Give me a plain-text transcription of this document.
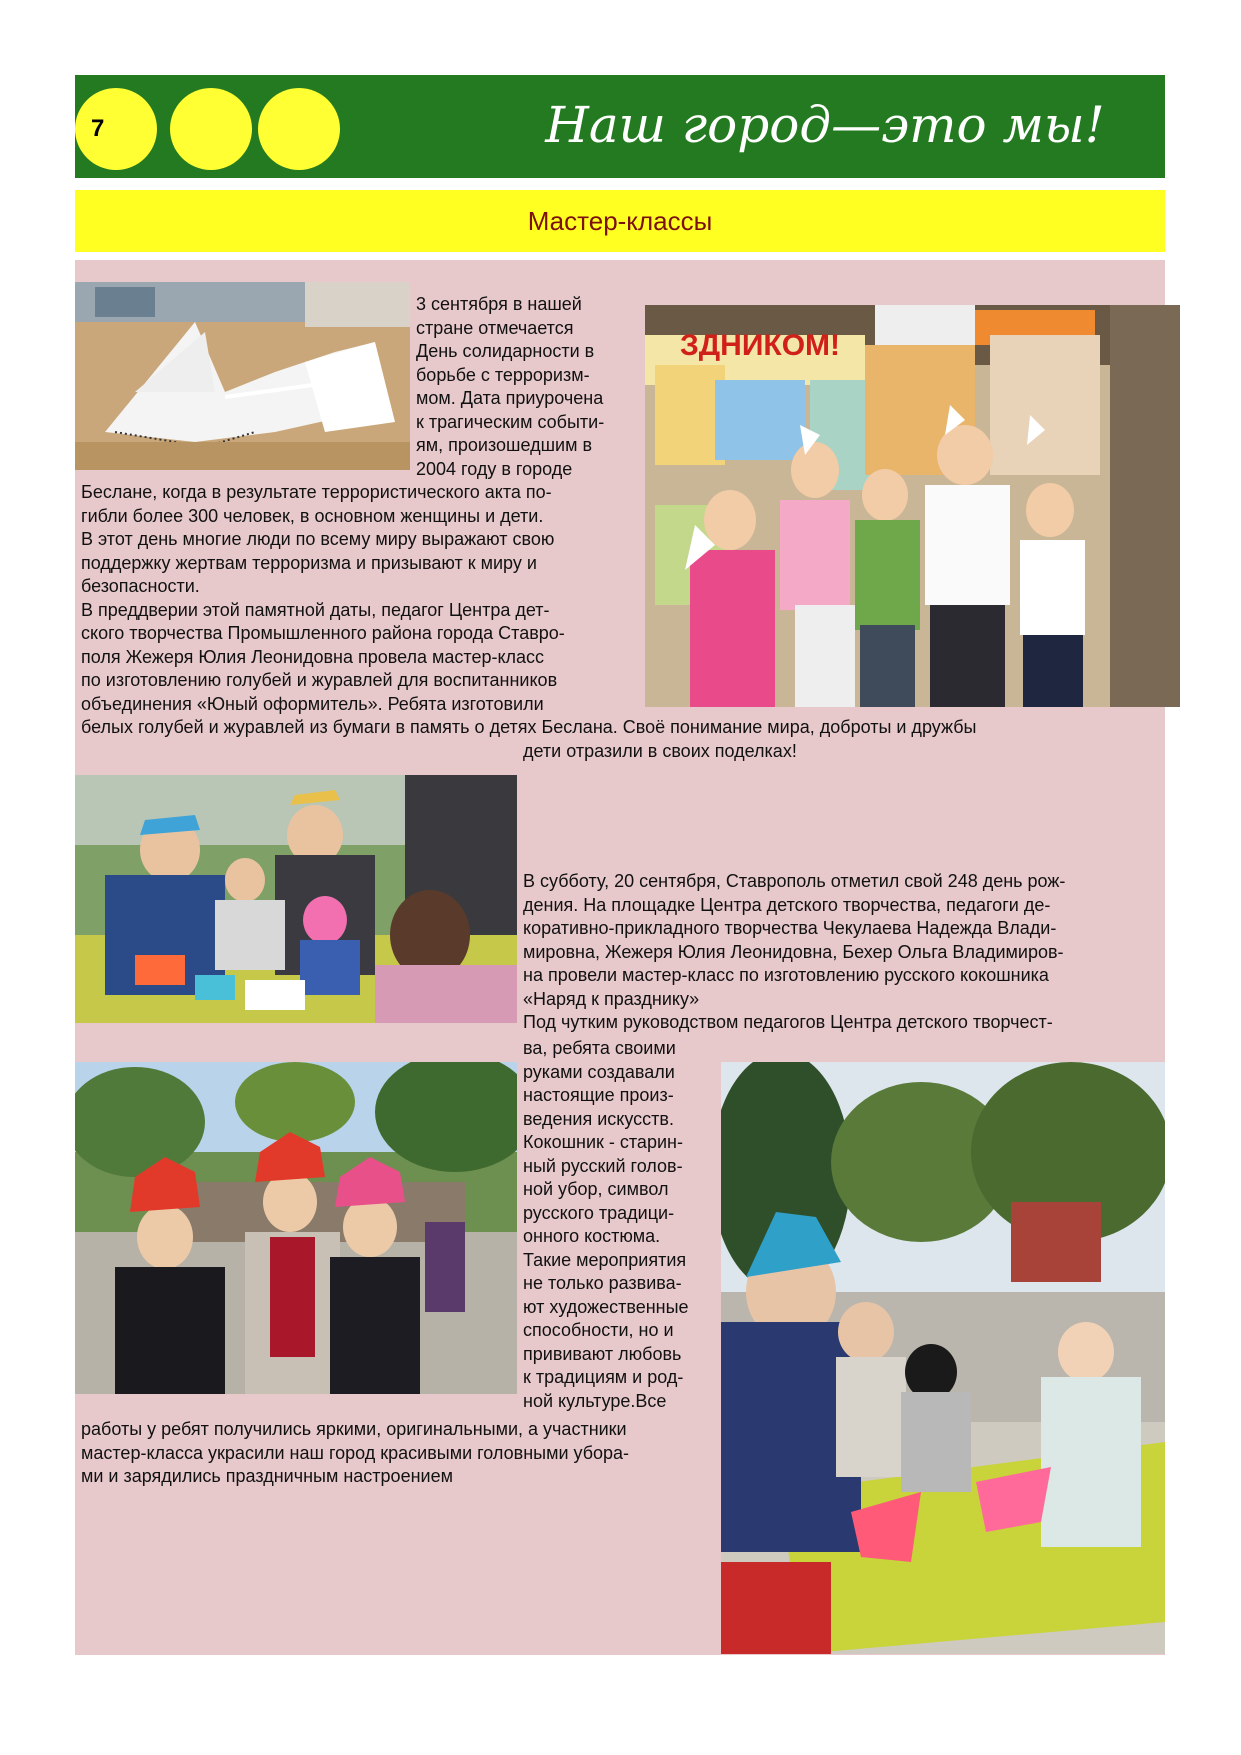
7	Наш город—это мы!
Мастер-классы
ЗДНИКОМ!
3 сентября в нашей
стране отмечается
День солидарности в
борьбе с терроризм-
мом. Дата приурочена
к трагическим событи-
ям, произошедшим в
2004 году в городе
Беслане, когда в результате террористического акта по-
гибли более 300 человек, в основном женщины и дети.
В этот день многие люди по всему миру выражают свою
поддержку жертвам терроризма и призывают к миру и
безопасности.
В преддверии этой памятной даты, педагог Центра дет-
ского творчества Промышленного района города Ставро-
поля Жежеря Юлия Леонидовна провела мастер-класс
по изготовлению голубей и журавлей для воспитанников
объединения «Юный оформитель». Ребята изготовили
белых голубей и журавлей из бумаги в память о детях Беслана. Своё понимание мира, доброты и дружбы
дети отразили в своих поделках!
В субботу, 20 сентября, Ставрополь отметил свой 248 день рож-
дения. На площадке Центра детского творчества, педагоги де-
коративно-прикладного творчества Чекулаева Надежда Влади-
мировна, Жежеря Юлия Леонидовна, Бехер Ольга Владимиров-
на провели мастер-класс по изготовлению русского кокошника
«Наряд к празднику»
Под чутким руководством педагогов Центра детского творчест-
ва, ребята своими
руками создавали
настоящие произ-
ведения искусств.
Кокошник - старин-
ный русский голов-
ной убор, символ
русского традици-
онного костюма.
Такие мероприятия
не только развива-
ют художественные
способности, но и
прививают любовь
к традициям и род-
ной культуре.Все
работы у ребят получились яркими, оригинальными, а участники
мастер-класса украсили наш город красивыми головными убора-
ми и зарядились праздничным настроением
